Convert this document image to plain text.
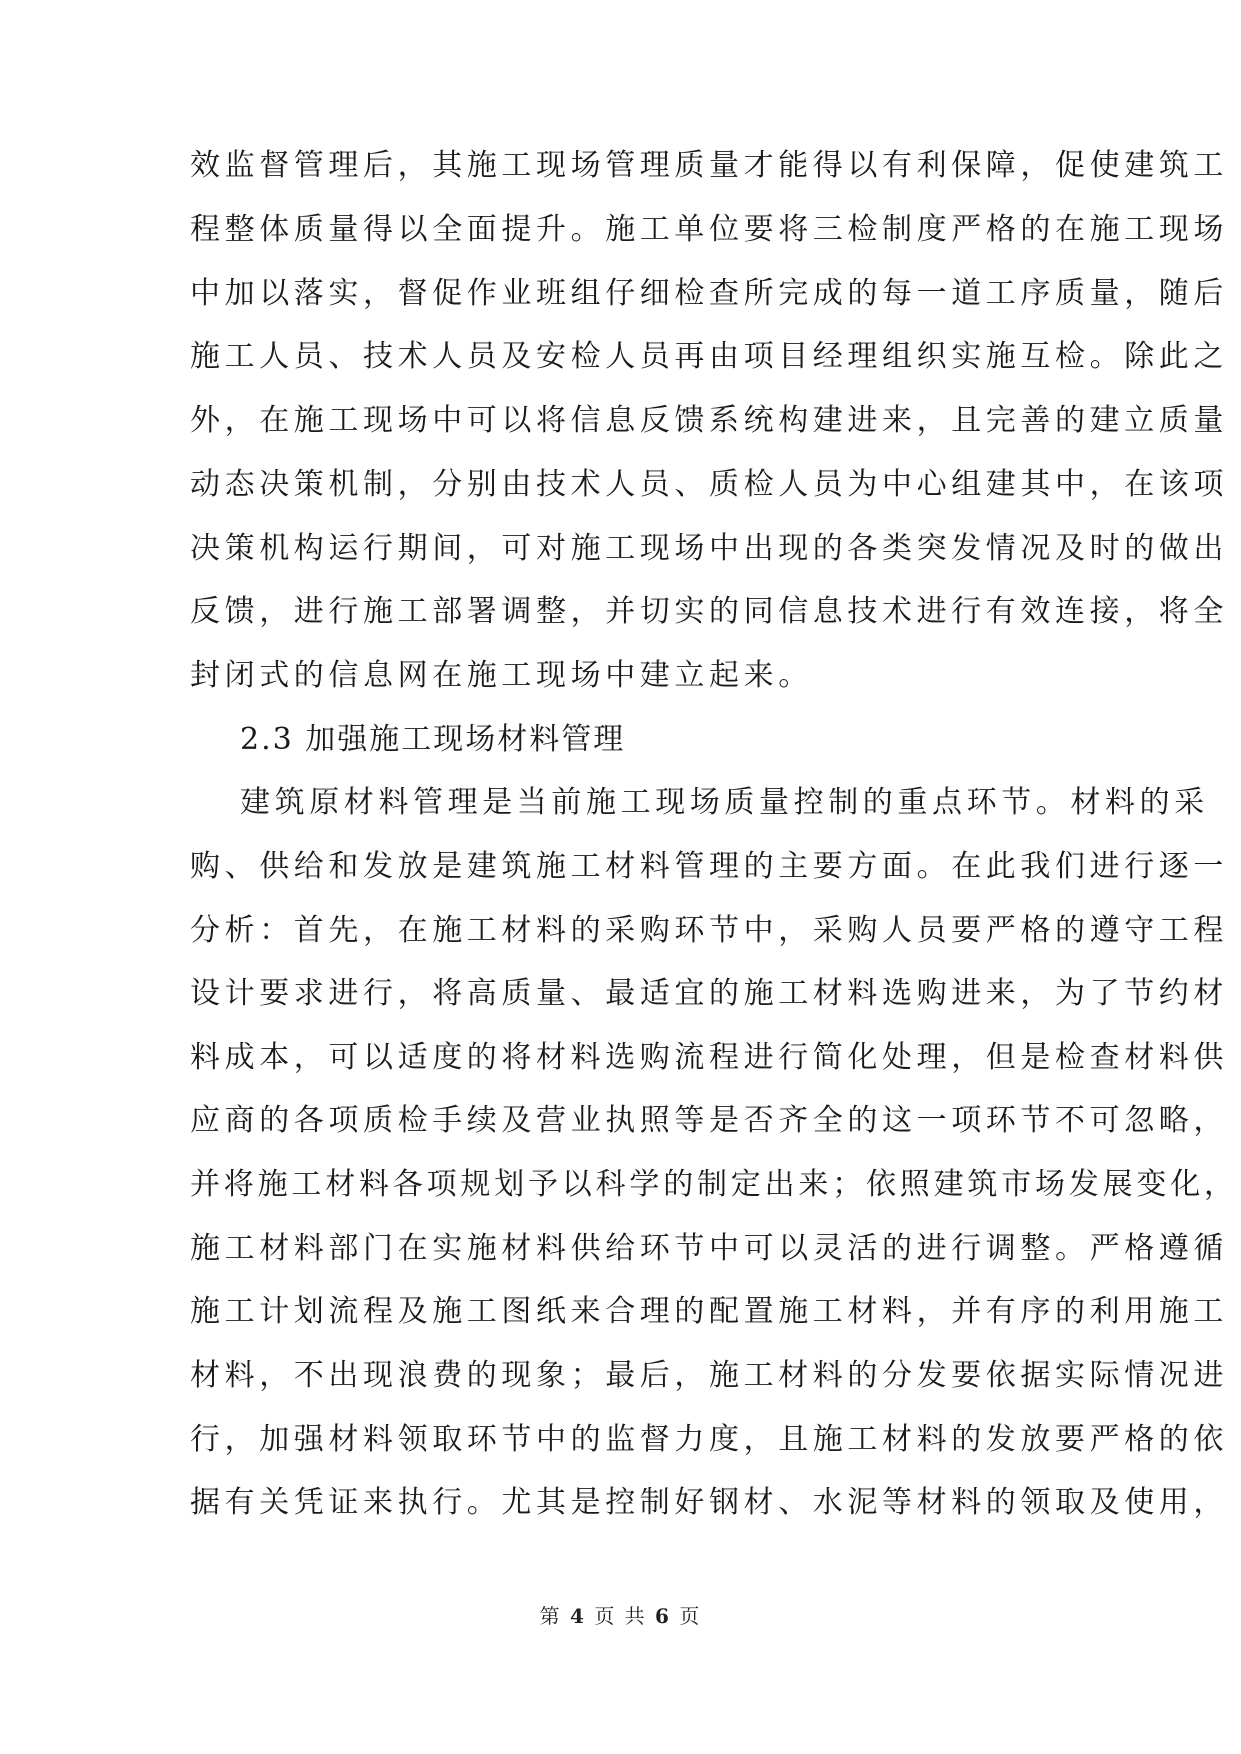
效监督管理后，其施工现场管理质量才能得以有利保障，促使建筑工
程整体质量得以全面提升。施工单位要将三检制度严格的在施工现场
中加以落实，督促作业班组仔细检查所完成的每一道工序质量，随后
施工人员、技术人员及安检人员再由项目经理组织实施互检。除此之
外，在施工现场中可以将信息反馈系统构建进来，且完善的建立质量
动态决策机制，分别由技术人员、质检人员为中心组建其中，在该项
决策机构运行期间，可对施工现场中出现的各类突发情况及时的做出
反馈，进行施工部署调整，并切实的同信息技术进行有效连接，将全
封闭式的信息网在施工现场中建立起来。
2.3 加强施工现场材料管理
建筑原材料管理是当前施工现场质量控制的重点环节。材料的采
购、供给和发放是建筑施工材料管理的主要方面。在此我们进行逐一
分析：首先，在施工材料的采购环节中，采购人员要严格的遵守工程
设计要求进行，将高质量、最适宜的施工材料选购进来，为了节约材
料成本，可以适度的将材料选购流程进行简化处理，但是检查材料供
应商的各项质检手续及营业执照等是否齐全的这一项环节不可忽略，
并将施工材料各项规划予以科学的制定出来；依照建筑市场发展变化，
施工材料部门在实施材料供给环节中可以灵活的进行调整。严格遵循
施工计划流程及施工图纸来合理的配置施工材料，并有序的利用施工
材料，不出现浪费的现象；最后，施工材料的分发要依据实际情况进
行，加强材料领取环节中的监督力度，且施工材料的发放要严格的依
据有关凭证来执行。尤其是控制好钢材、水泥等材料的领取及使用，
第 4 页 共 6 页
